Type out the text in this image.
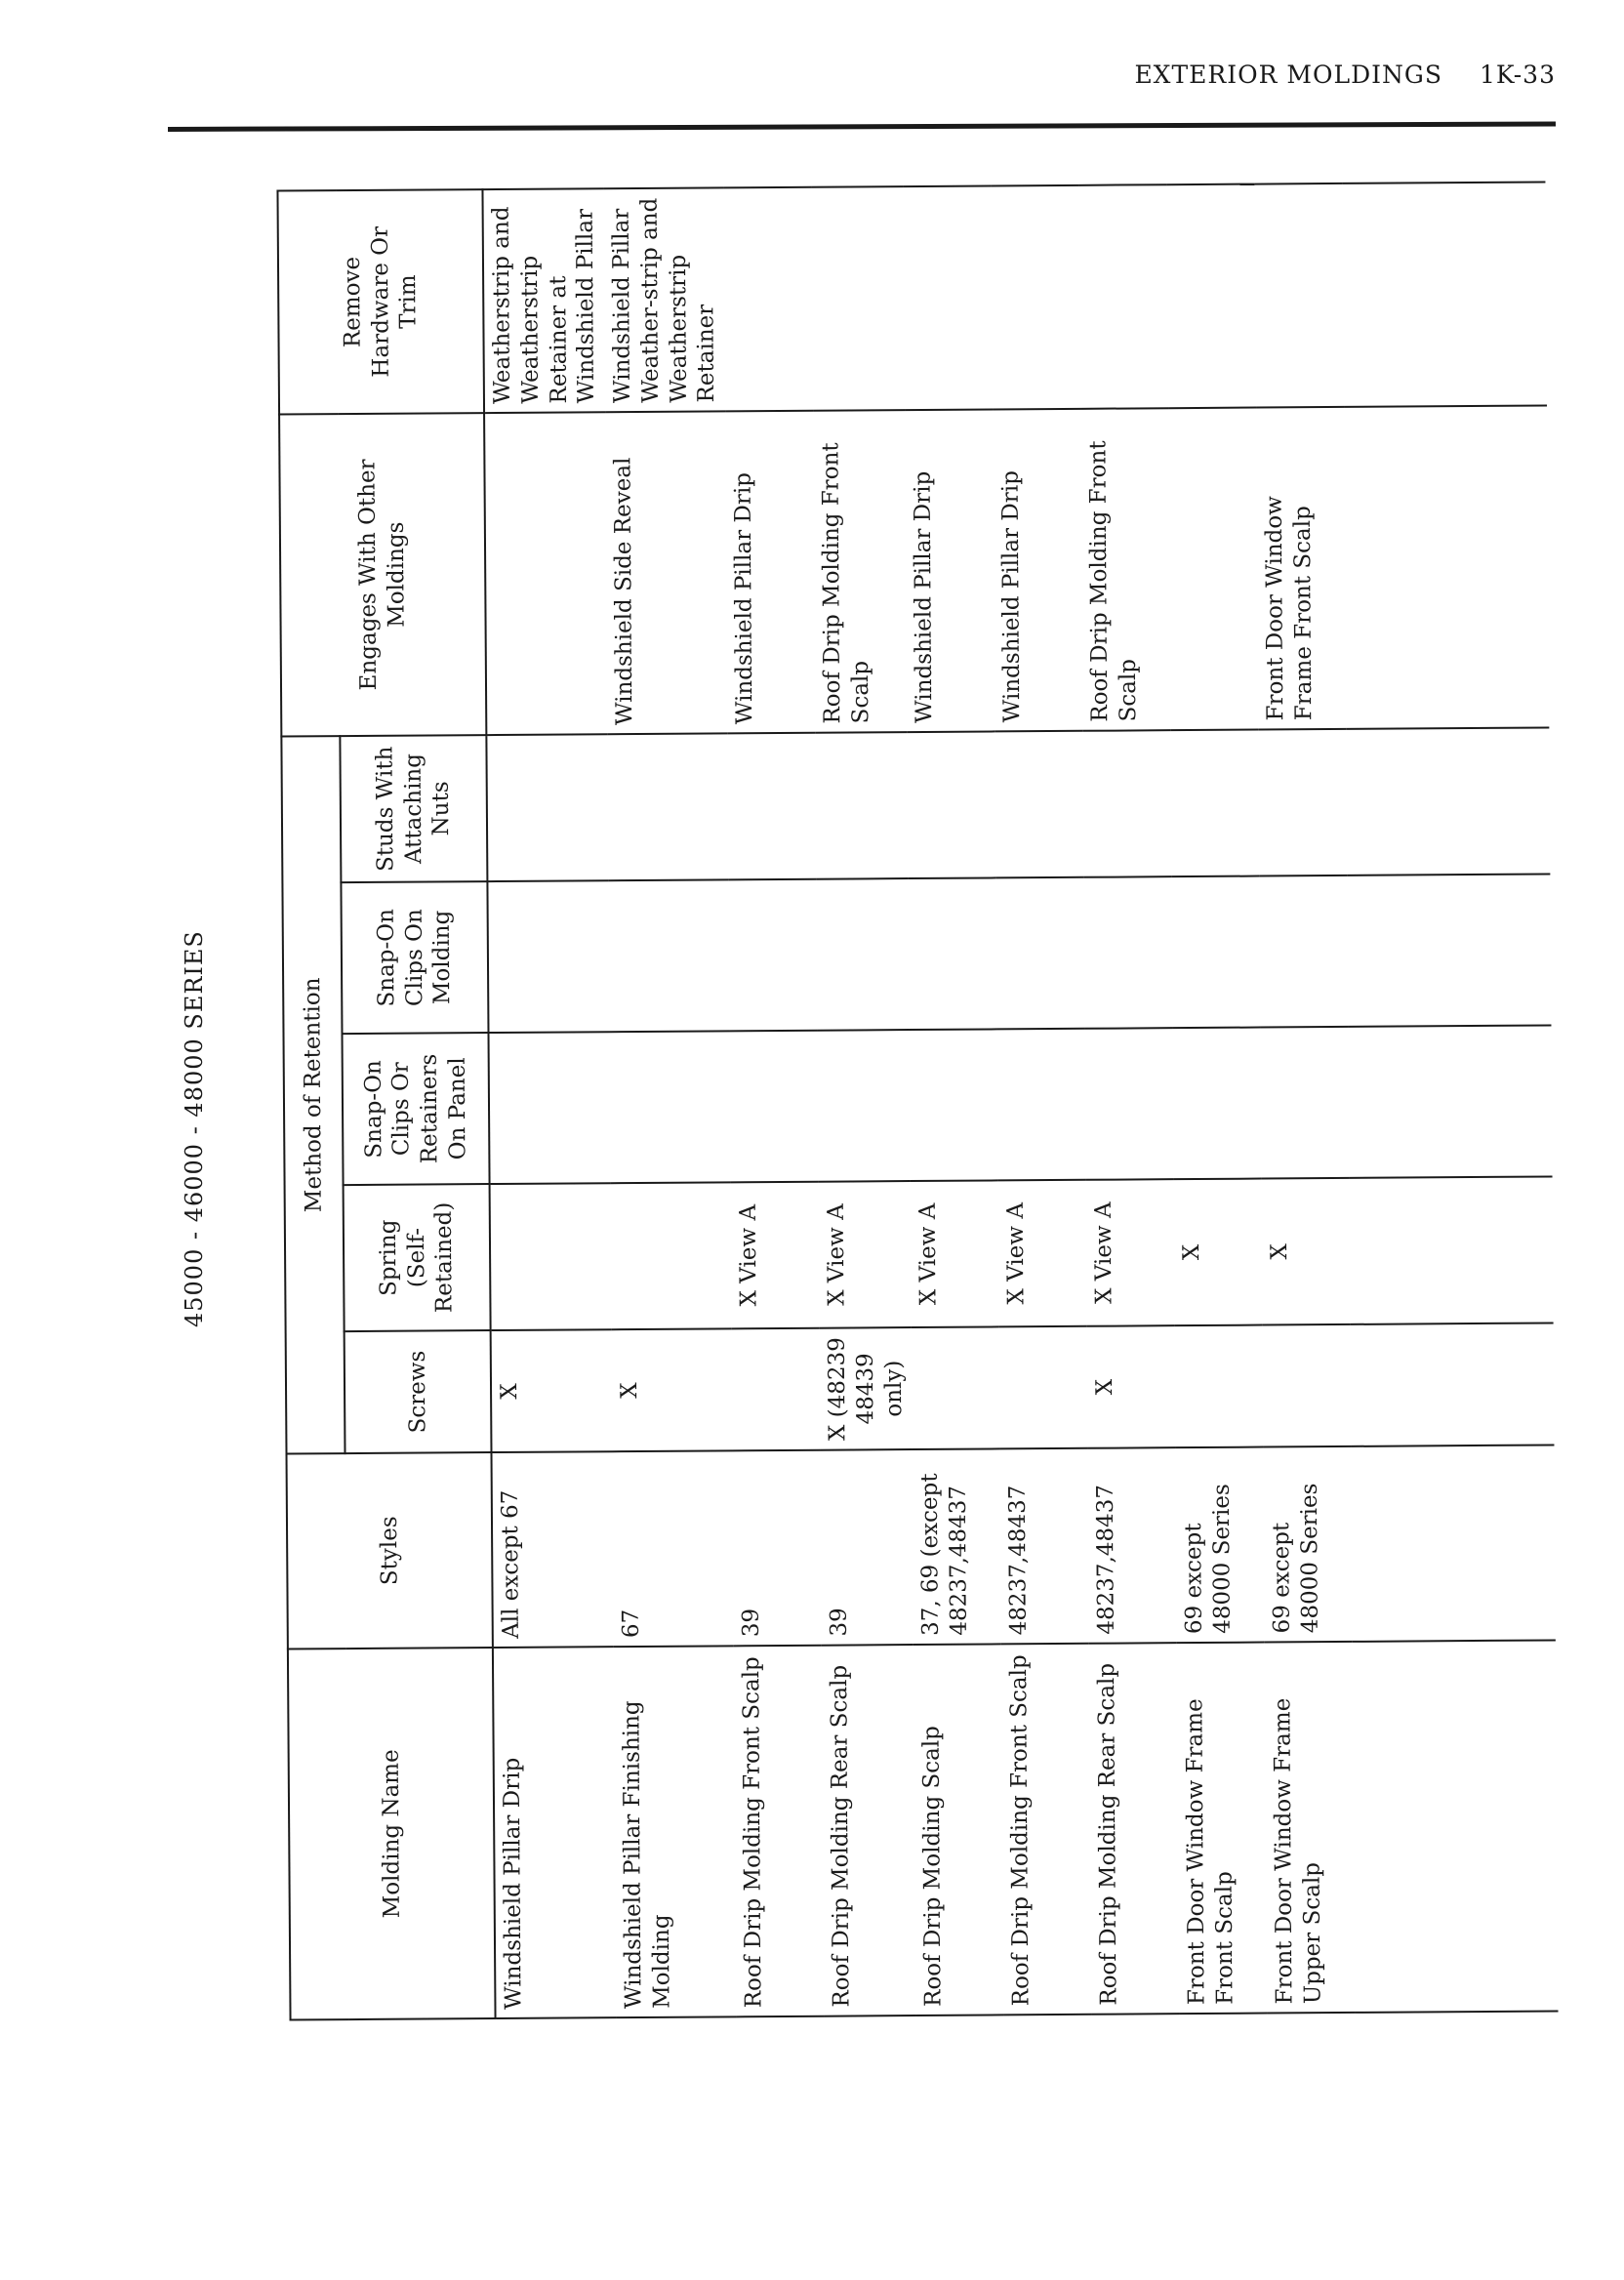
EXTERIOR MOLDINGS 1K-33
45000 - 46000 - 48000 SERIES
Molding Name	Styles	Method of Retention					Engages With Other Moldings	Remove Hardware Or Trim
		Screws	Spring (Self-Retained)	Snap-On Clips Or Retainers On Panel	Snap-On Clips On Molding	Studs With Attaching Nuts		
Windshield Pillar Drip	All except 67	X						Weatherstrip and Weatherstrip Retainer at Windshield Pillar
Windshield Pillar Finishing Molding	67	X					Windshield Side Reveal	Windshield Pillar Weather-strip and Weatherstrip Retainer
Roof Drip Molding Front Scalp	39		X View A				Windshield Pillar Drip	
Roof Drip Molding Rear Scalp	39	X (48239 48439 only)	X View A				Roof Drip Molding Front Scalp	
Roof Drip Molding Scalp	37, 69 (except 48237,48437		X View A				Windshield Pillar Drip	
Roof Drip Molding Front Scalp	48237,48437		X View A				Windshield Pillar Drip	
Roof Drip Molding Rear Scalp	48237,48437	X	X View A				Roof Drip Molding Front Scalp	
Front Door Window Frame Front Scalp	69 except 48000 Series		X					
Front Door Window Frame Upper Scalp	69 except 48000 Series		X				Front Door Window Frame Front Scalp	
